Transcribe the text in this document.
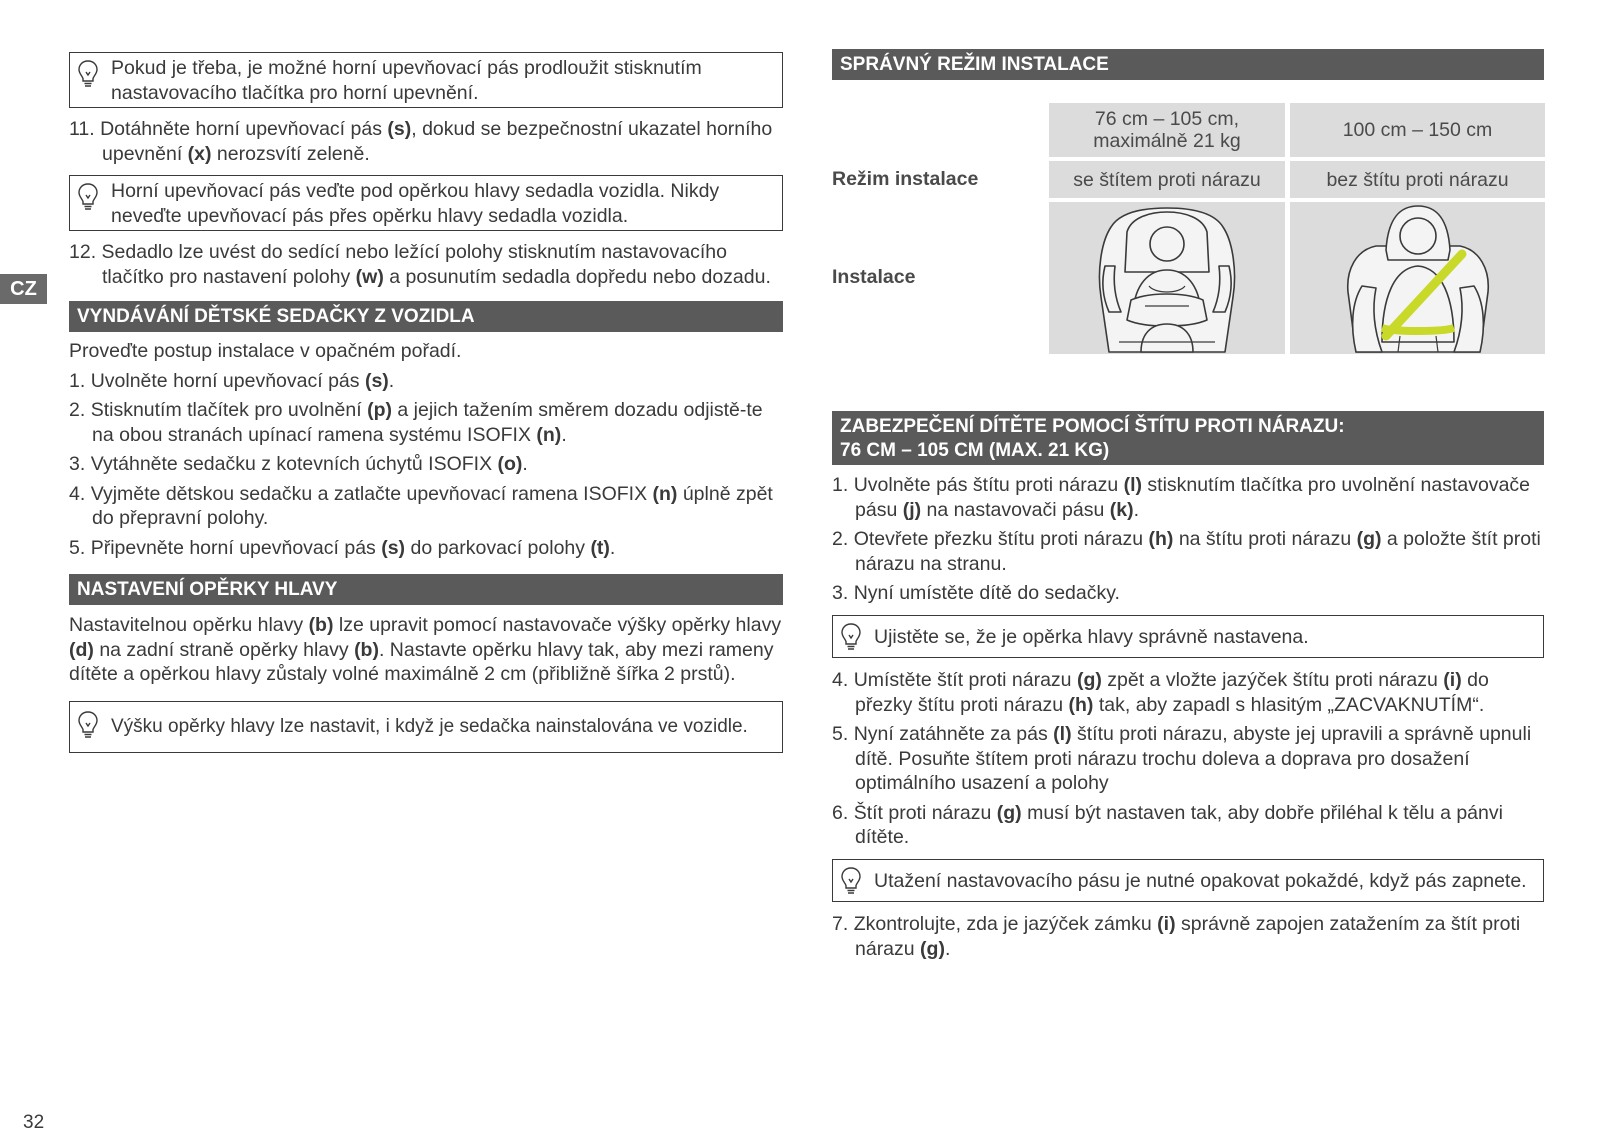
CZ
32
Pokud je třeba, je možné horní upevňovací pás prodloužit stisknutím nastavovacího tlačítka pro horní upevnění.

11. Dotáhněte horní upevňovací pás (s), dokud se bezpečnostní ukazatel horního upevnění (x) nerozsvítí zeleně.

Horní upevňovací pás veďte pod opěrkou hlavy sedadla vozidla. Nikdy neveďte upevňovací pás přes opěrku hlavy sedadla vozidla.

12. Sedadlo lze uvést do sedící nebo ležící polohy stisknutím nastavovacího tlačítko pro nastavení polohy (w) a posunutím sedadla dopředu nebo dozadu.

VYNDÁVÁNÍ DĚTSKÉ SEDAČKY Z VOZIDLA

Proveďte postup instalace v opačném pořadí.

1. Uvolněte horní upevňovací pás (s).

2. Stisknutím tlačítek pro uvolnění (p) a jejich tažením směrem dozadu odjistě-te na obou stranách upínací ramena systému ISOFIX (n).

3. Vytáhněte sedačku z kotevních úchytů ISOFIX (o).

4. Vyjměte dětskou sedačku a zatlačte upevňovací ramena ISOFIX (n) úplně zpět do přepravní polohy.

5. Připevněte horní upevňovací pás (s) do parkovací polohy (t).

NASTAVENÍ OPĚRKY HLAVY

Nastavitelnou opěrku hlavy (b) lze upravit pomocí nastavovače výšky opěrky hlavy (d) na zadní straně opěrky hlavy (b). Nastavte opěrku hlavy tak, aby mezi rameny dítěte a opěrkou hlavy zůstaly volné maximálně 2 cm (přibližně šířka 2 prstů).

Výšku opěrky hlavy lze nastavit, i když je sedačka nainstalována ve vozidle.
SPRÁVNÝ REŽIM INSTALACE
76 cm – 105 cm, maximálně 21 kg	100 cm – 150 cm
Režim instalace	se štítem proti nárazu	bez štítu proti nárazu
Instalace
ZABEZPEČENÍ DÍTĚTE POMOCÍ ŠTÍTU PROTI NÁRAZU:
76 CM – 105 CM (MAX. 21 KG)

1. Uvolněte pás štítu proti nárazu (l) stisknutím tlačítka pro uvolnění nastavovače pásu (j) na nastavovači pásu (k).

2. Otevřete přezku štítu proti nárazu (h) na štítu proti nárazu (g) a položte štít proti nárazu na stranu.

3. Nyní umístěte dítě do sedačky.

Ujistěte se, že je opěrka hlavy správně nastavena.

4. Umístěte štít proti nárazu (g) zpět a vložte jazýček štítu proti nárazu (i) do přezky štítu proti nárazu (h) tak, aby zapadl s hlasitým „ZACVAKNUTÍM“.

5. Nyní zatáhněte za pás (l) štítu proti nárazu, abyste jej upravili a správně upnuli dítě. Posuňte štítem proti nárazu trochu doleva a doprava pro dosažení optimálního usazení a polohy

6. Štít proti nárazu (g) musí být nastaven tak, aby dobře přiléhal k tělu a pánvi dítěte.

Utažení nastavovacího pásu je nutné opakovat pokaždé, když pás zapnete.

7. Zkontrolujte, zda je jazýček zámku (i) správně zapojen zatažením za štít proti nárazu (g).
